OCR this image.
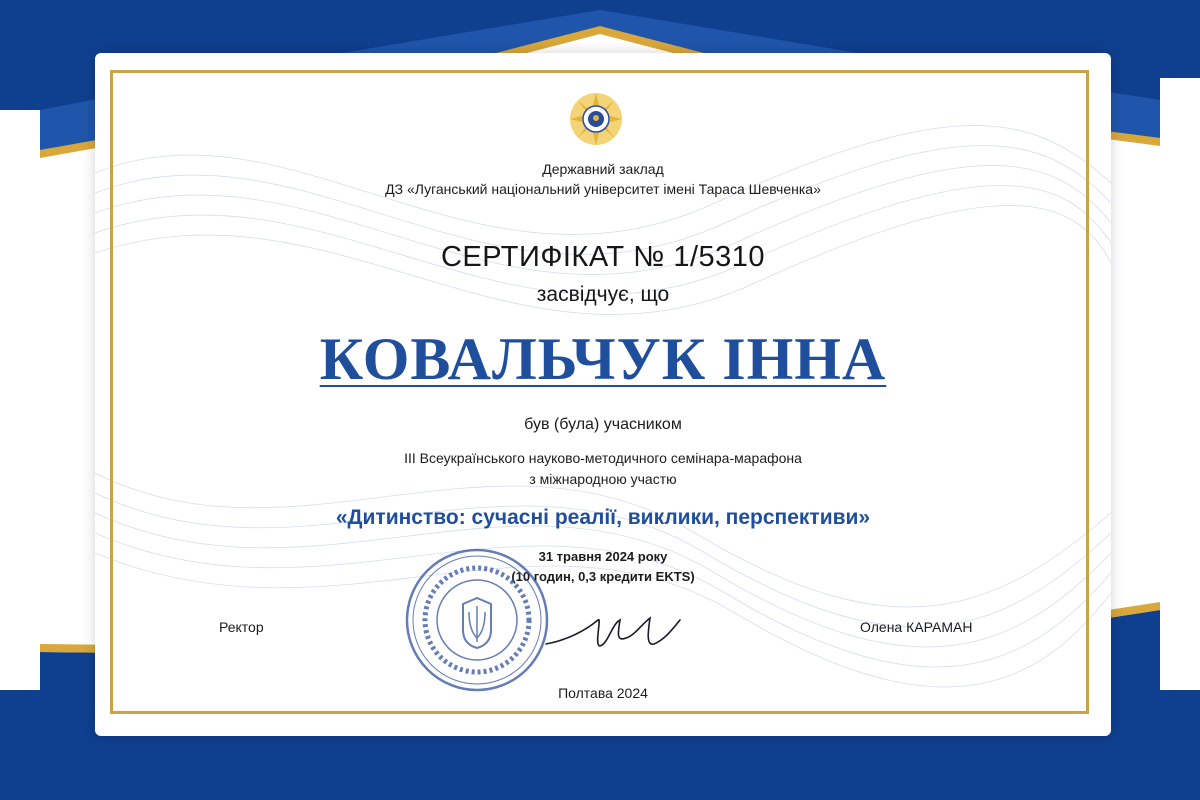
Державний заклад
ДЗ «Луганський національний університет імені Тараса Шевченка»
СЕРТИФІКАТ № 1/5310
засвідчує, що
КОВАЛЬЧУК ІННА
був (була) учасником
ІІІ Всеукраїнського науково-методичного семінара-марафона
з міжнародною участю
«Дитинство: сучасні реалії, виклики, перспективи»
31 травня 2024 року
(10 годин, 0,3 кредити EKTS)
Ректор	Олена КАРАМАН
Полтава 2024
